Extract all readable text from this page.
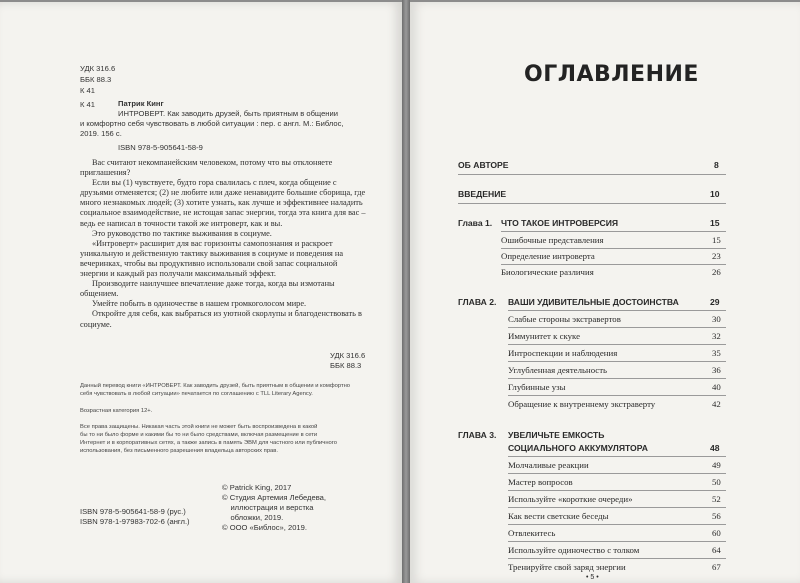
УДК 316.6
ББК 88.3
К 41
К 41	Патрик Кинг
ИНТРОВЕРТ. Как заводить друзей, быть приятным в общении
и комфортно себя чувствовать в любой ситуации : пер. с англ. М.: Библос,
2019. 156 с.
ISBN 978-5-905641-58-9

Вас считают некомпанейским человеком, потому что вы отклоняете приглашения?

Если вы (1) чувствуете, будто гора свалилась с плеч, когда общение с друзьями отменяется; (2) не любите или даже ненавидите большие сборища, где много незнакомых людей; (3) хотите узнать, как лучше и эффективнее наладить социальное взаимодействие, не истощая запас энергии, тогда эта книга для вас – ведь ее написал в точности такой же интроверт, как и вы.

Это руководство по тактике выживания в социуме.

«Интроверт» расширит для вас горизонты самопознания и раскроет уникальную и действенную тактику выживания в социуме и поведения на вечеринках, чтобы вы продуктивно использовали свой запас социальной энергии и каждый раз получали максимальный эффект.

Производите наилучшее впечатление даже тогда, когда вы измотаны общением.

Умейте побыть в одиночестве в нашем громкоголосом мире.

Откройте для себя, как выбраться из уютной скорлупы и благоденствовать в социуме.

УДК 316.6
ББК 88.3
Данный перевод книги «ИНТРОВЕРТ. Как заводить друзей, быть приятным в общении и комфортно
себя чувствовать в любой ситуации» печатается по соглашению с TLL Literary Agency.
Возрастная категория 12+.
Все права защищены. Никакая часть этой книги не может быть воспроизведена в какой
бы то ни было форме и какими бы то ни было средствами, включая размещение в сети
Интернет и в корпоративных сетях, а также запись в память ЭВМ для частного или публичного
использования, без письменного разрешения владельца авторских прав.
© Patrick King, 2017
© Студия Артемия Лебедева,
иллюстрация и верстка
обложки, 2019.
© ООО «Библос», 2019.
ISBN 978-5-905641-58-9 (рус.)
ISBN 978-1-97983-702-6 (англ.)
ОГЛАВЛЕНИЕ
ОБ АВТОРЕ	8
ВВЕДЕНИЕ	10
Глава 1. ЧТО ТАКОЕ ИНТРОВЕРСИЯ	15
Ошибочные представления	15
Определение интроверта	23
Биологические различия	26
ГЛАВА 2. ВАШИ УДИВИТЕЛЬНЫЕ ДОСТОИНСТВА	29
Слабые стороны экстравертов	30
Иммунитет к скуке	32
Интроспекции и наблюдения	35
Углубленная деятельность	36
Глубинные узы	40
Обращение к внутреннему экстраверту	42
ГЛАВА 3. УВЕЛИЧЬТЕ ЕМКОСТЬ
СОЦИАЛЬНОГО АККУМУЛЯТОРА	48
Молчаливые реакции	49
Мастер вопросов	50
Используйте «короткие очереди»	52
Как вести светские беседы	56
Отвлекитесь	60
Используйте одиночество с толком	64
Тренируйте свой заряд энергии	67
• 5 •
